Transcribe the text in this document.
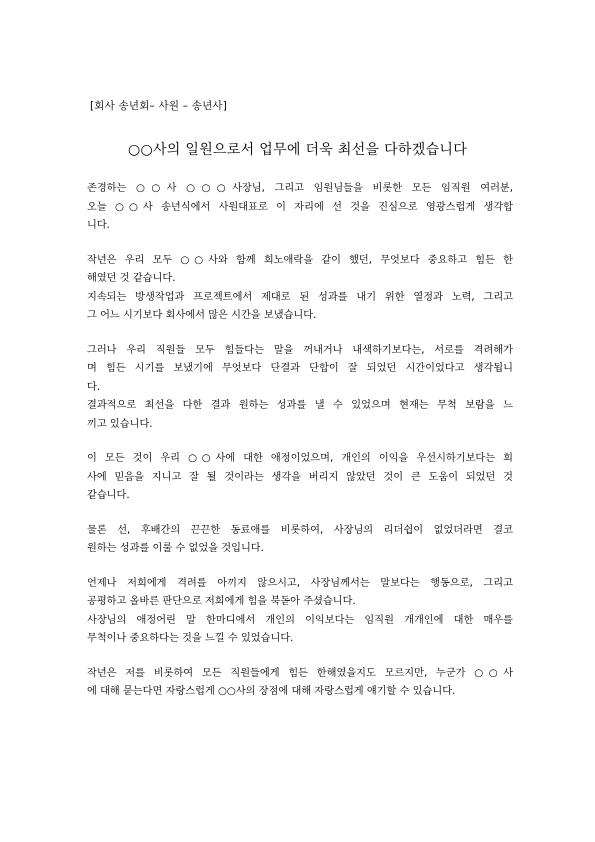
[회사 송년회– 사원 – 송년사]
○○사의 일원으로서 업무에 더욱 최선을 다하겠습니다
존경하는 ○○사 ○○○사장님, 그리고 임원님들을 비롯한 모든 임직원 여러분,
오늘 ○○사 송년식에서 사원대표로 이 자리에 선 것을 진심으로 영광스럽게 생각합
니다.
작년은 우리 모두 ○○사와 함께 희노애락을 같이 했던, 무엇보다 중요하고 힘든 한
해였던 것 같습니다.
지속되는 방생작업과 프로젝트에서 제대로 된 성과를 내기 위한 열정과 노력, 그리고
그 어느 시기보다 회사에서 많은 시간을 보냈습니다.
그러나 우리 직원들 모두 힘들다는 말을 꺼내거나 내색하기보다는, 서로를 격려해가
며 힘든 시기를 보냈기에 무엇보다 단결과 단합이 잘 되었던 시간이었다고 생각됩니
다.
결과적으로 최선을 다한 결과 원하는 성과를 낼 수 있었으며 현재는 무척 보람을 느
끼고 있습니다.
이 모든 것이 우리 ○○사에 대한 애정이었으며, 개인의 이익을 우선시하기보다는 회
사에 믿음을 지니고 잘 될 것이라는 생각을 버리지 않았던 것이 큰 도움이 되었던 것
같습니다.
물론 선, 후배간의 끈끈한 동료애를 비롯하여, 사장님의 리더쉽이 없었더라면 결코
원하는 성과를 이룰 수 없었을 것입니다.
언제나 저희에게 격려를 아끼지 않으시고, 사장님께서는 말보다는 행동으로, 그리고
공평하고 올바른 판단으로 저희에게 힘을 북돋아 주셨습니다.
사장님의 애정어린 말 한마디에서 개인의 이익보다는 임직원 개개인에 대한 매우를
무척이나 중요하다는 것을 느낄 수 있었습니다.
작년은 저를 비롯하여 모든 직원들에게 힘든 한해였을지도 모르지만, 누군가 ○○사
에 대해 묻는다면 자랑스럽게 ○○사의 장점에 대해 자랑스럽게 얘기할 수 있습니다.
